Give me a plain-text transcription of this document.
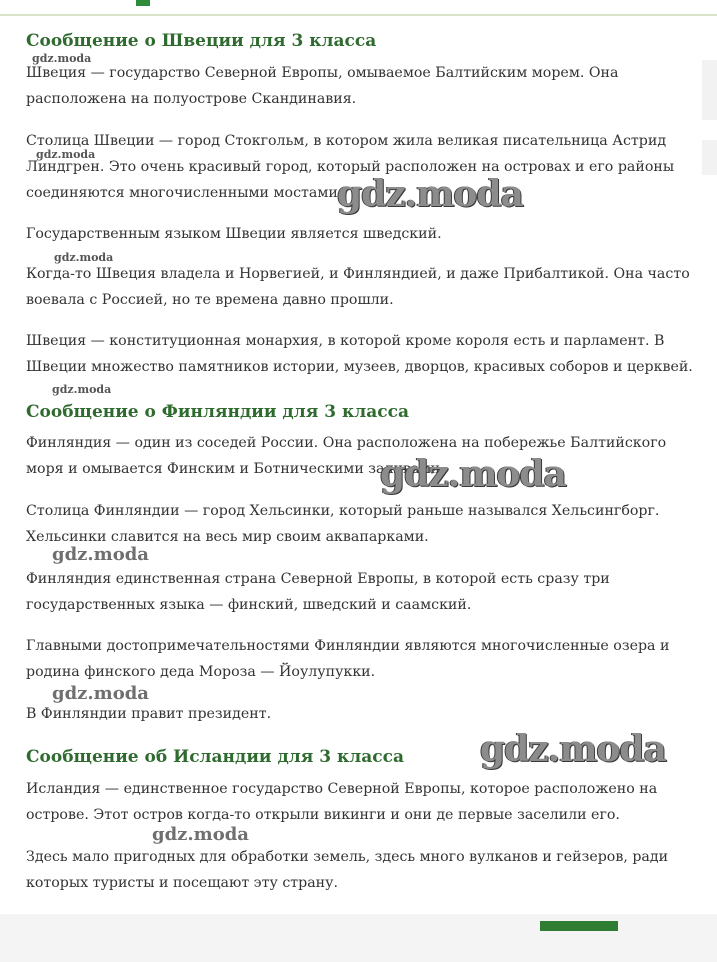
Сообщение о Швеции для 3 класса

Швеция — государство Северной Европы, омываемое Балтийским морем. Она расположена на полуострове Скандинавия.

Столица Швеции — город Стокгольм, в котором жила великая писательница Астрид Линдгрен. Это очень красивый город, который расположен на островах и его районы соединяются многочисленными мостами.

Государственным языком Швеции является шведский.

Когда-то Швеция владела и Норвегией, и Финляндией, и даже Прибалтикой. Она часто воевала с Россией, но те времена давно прошли.

Швеция — конституционная монархия, в которой кроме короля есть и парламент. В Швеции множество памятников истории, музеев, дворцов, красивых соборов и церквей.

Сообщение о Финляндии для 3 класса

Финляндия — один из соседей России. Она расположена на побережье Балтийского моря и омывается Финским и Ботническими заливами.

Столица Финляндии — город Хельсинки, который раньше назывался Хельсингборг. Хельсинки славится на весь мир своим аквапарками.

Финляндия единственная страна Северной Европы, в которой есть сразу три государственных языка — финский, шведский и саамский.

Главными достопримечательностями Финляндии являются многочисленные озера и родина финского деда Мороза — Йоулупукки.

В Финляндии правит президент.

Сообщение об Исландии для 3 класса

Исландия — единственное государство Северной Европы, которое расположено на острове. Этот остров когда-то открыли викинги и они де первые заселили его.

Здесь мало пригодных для обработки земель, здесь много вулканов и гейзеров, ради которых туристы и посещают эту страну.

gdz.moda
gdz.moda
gdz.moda
gdz.moda
gdz.moda
gdz.moda
gdz.moda
gdz.moda
gdz.moda
gdz.moda
